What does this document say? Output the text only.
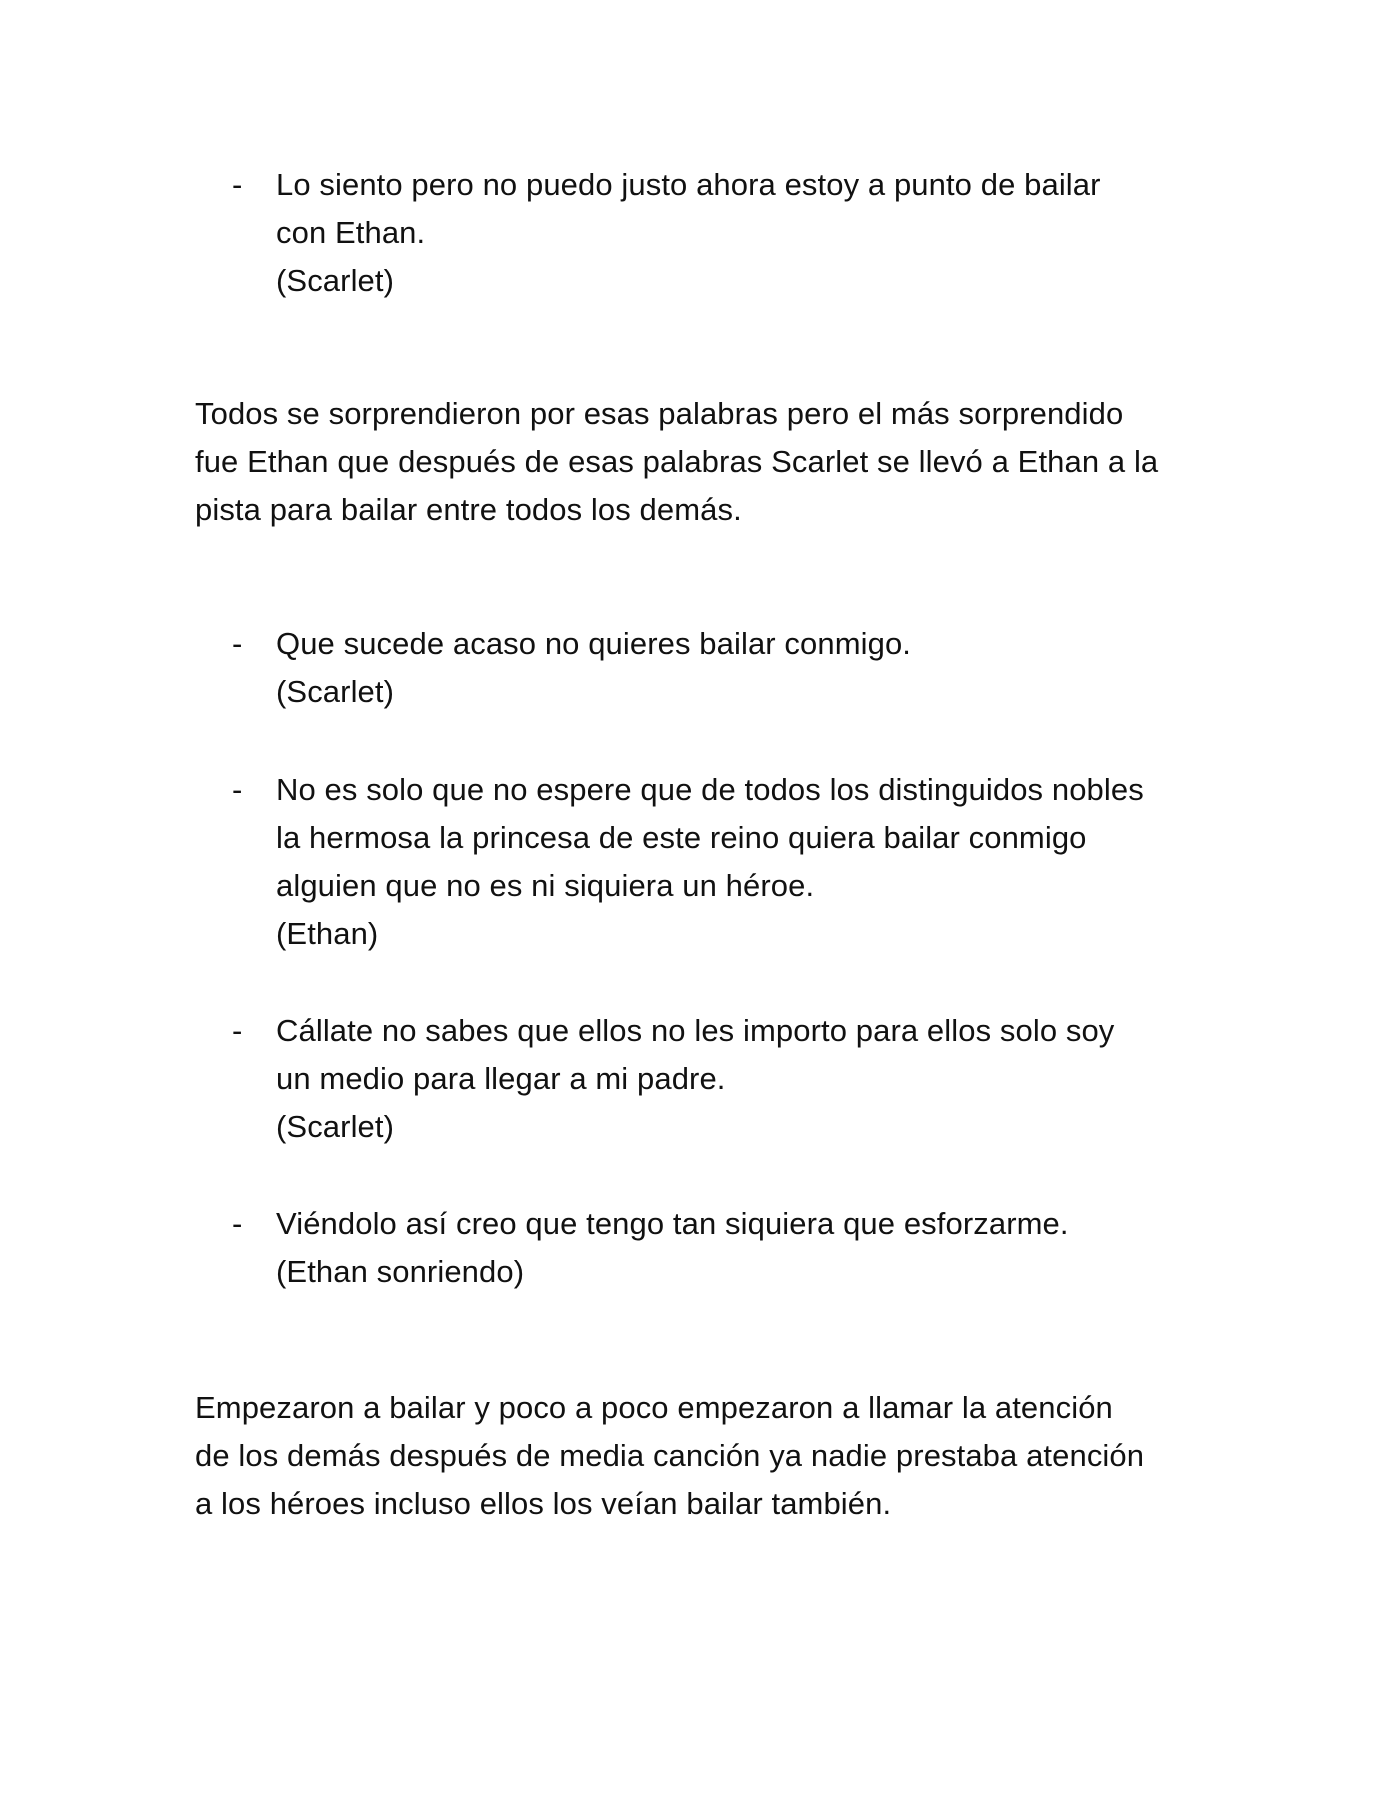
-	Lo siento pero no puedo justo ahora estoy a punto de bailar
con Ethan.
(Scarlet)
Todos se sorprendieron por esas palabras pero el más sorprendido
fue Ethan que después de esas palabras Scarlet se llevó a Ethan a la
pista para bailar entre todos los demás.
-	Que sucede acaso no quieres bailar conmigo.
(Scarlet)
-	No es solo que no espere que de todos los distinguidos nobles
la hermosa la princesa de este reino quiera bailar conmigo
alguien que no es ni siquiera un héroe.
(Ethan)
-	Cállate no sabes que ellos no les importo para ellos solo soy
un medio para llegar a mi padre.
(Scarlet)
-	Viéndolo así creo que tengo tan siquiera que esforzarme.
(Ethan sonriendo)
Empezaron a bailar y poco a poco empezaron a llamar la atención
de los demás después de media canción ya nadie prestaba atención
a los héroes incluso ellos los veían bailar también.
